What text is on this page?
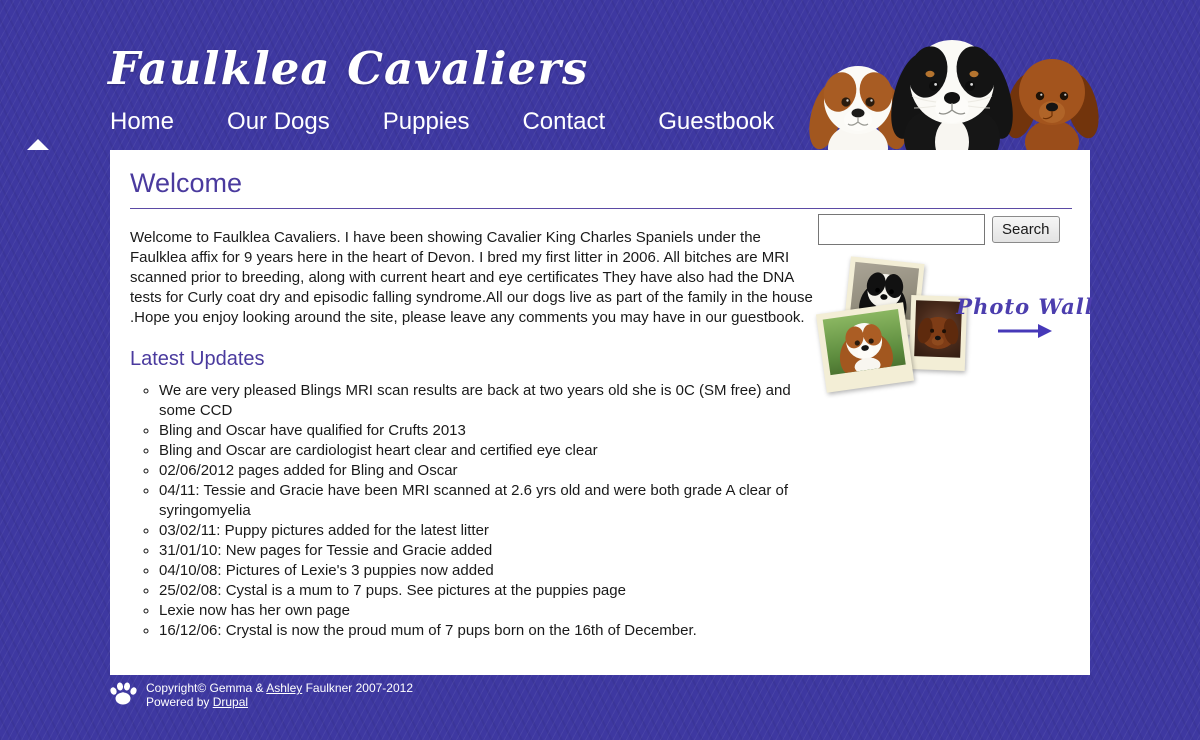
Faulklea Cavaliers
Home Our Dogs Puppies Contact Guestbook
Welcome

Welcome to Faulklea Cavaliers. I have been showing Cavalier King Charles Spaniels under the Faulklea affix for 9 years here in the heart of Devon. I bred my first litter in 2006. All bitches are MRI scanned prior to breeding, along with current heart and eye certificates They have also had the DNA tests for Curly coat dry and episodic falling syndrome.All our dogs live as part of the family in the house .Hope you enjoy looking around the site, please leave any comments you may have in our guestbook.

Latest Updates
◦ We are very pleased Blings MRI scan results are back at two years old she is 0C (SM free) and some CCD
◦ Bling and Oscar have qualified for Crufts 2013
◦ Bling and Oscar are cardiologist heart clear and certified eye clear
◦ 02/06/2012 pages added for Bling and Oscar
◦ 04/11: Tessie and Gracie have been MRI scanned at 2.6 yrs old and were both grade A clear of syringomyelia
◦ 03/02/11: Puppy pictures added for the latest litter
◦ 31/01/10: New pages for Tessie and Gracie added
◦ 04/10/08: Pictures of Lexie's 3 puppies now added
◦ 25/02/08: Cystal is a mum to 7 pups. See pictures at the puppies page
◦ Lexie now has her own page
◦ 16/12/06: Crystal is now the proud mum of 7 pups born on the 16th of December.
Search
Photo Wall
Copyright© Gemma & Ashley Faulkner 2007-2012
Powered by Drupal
